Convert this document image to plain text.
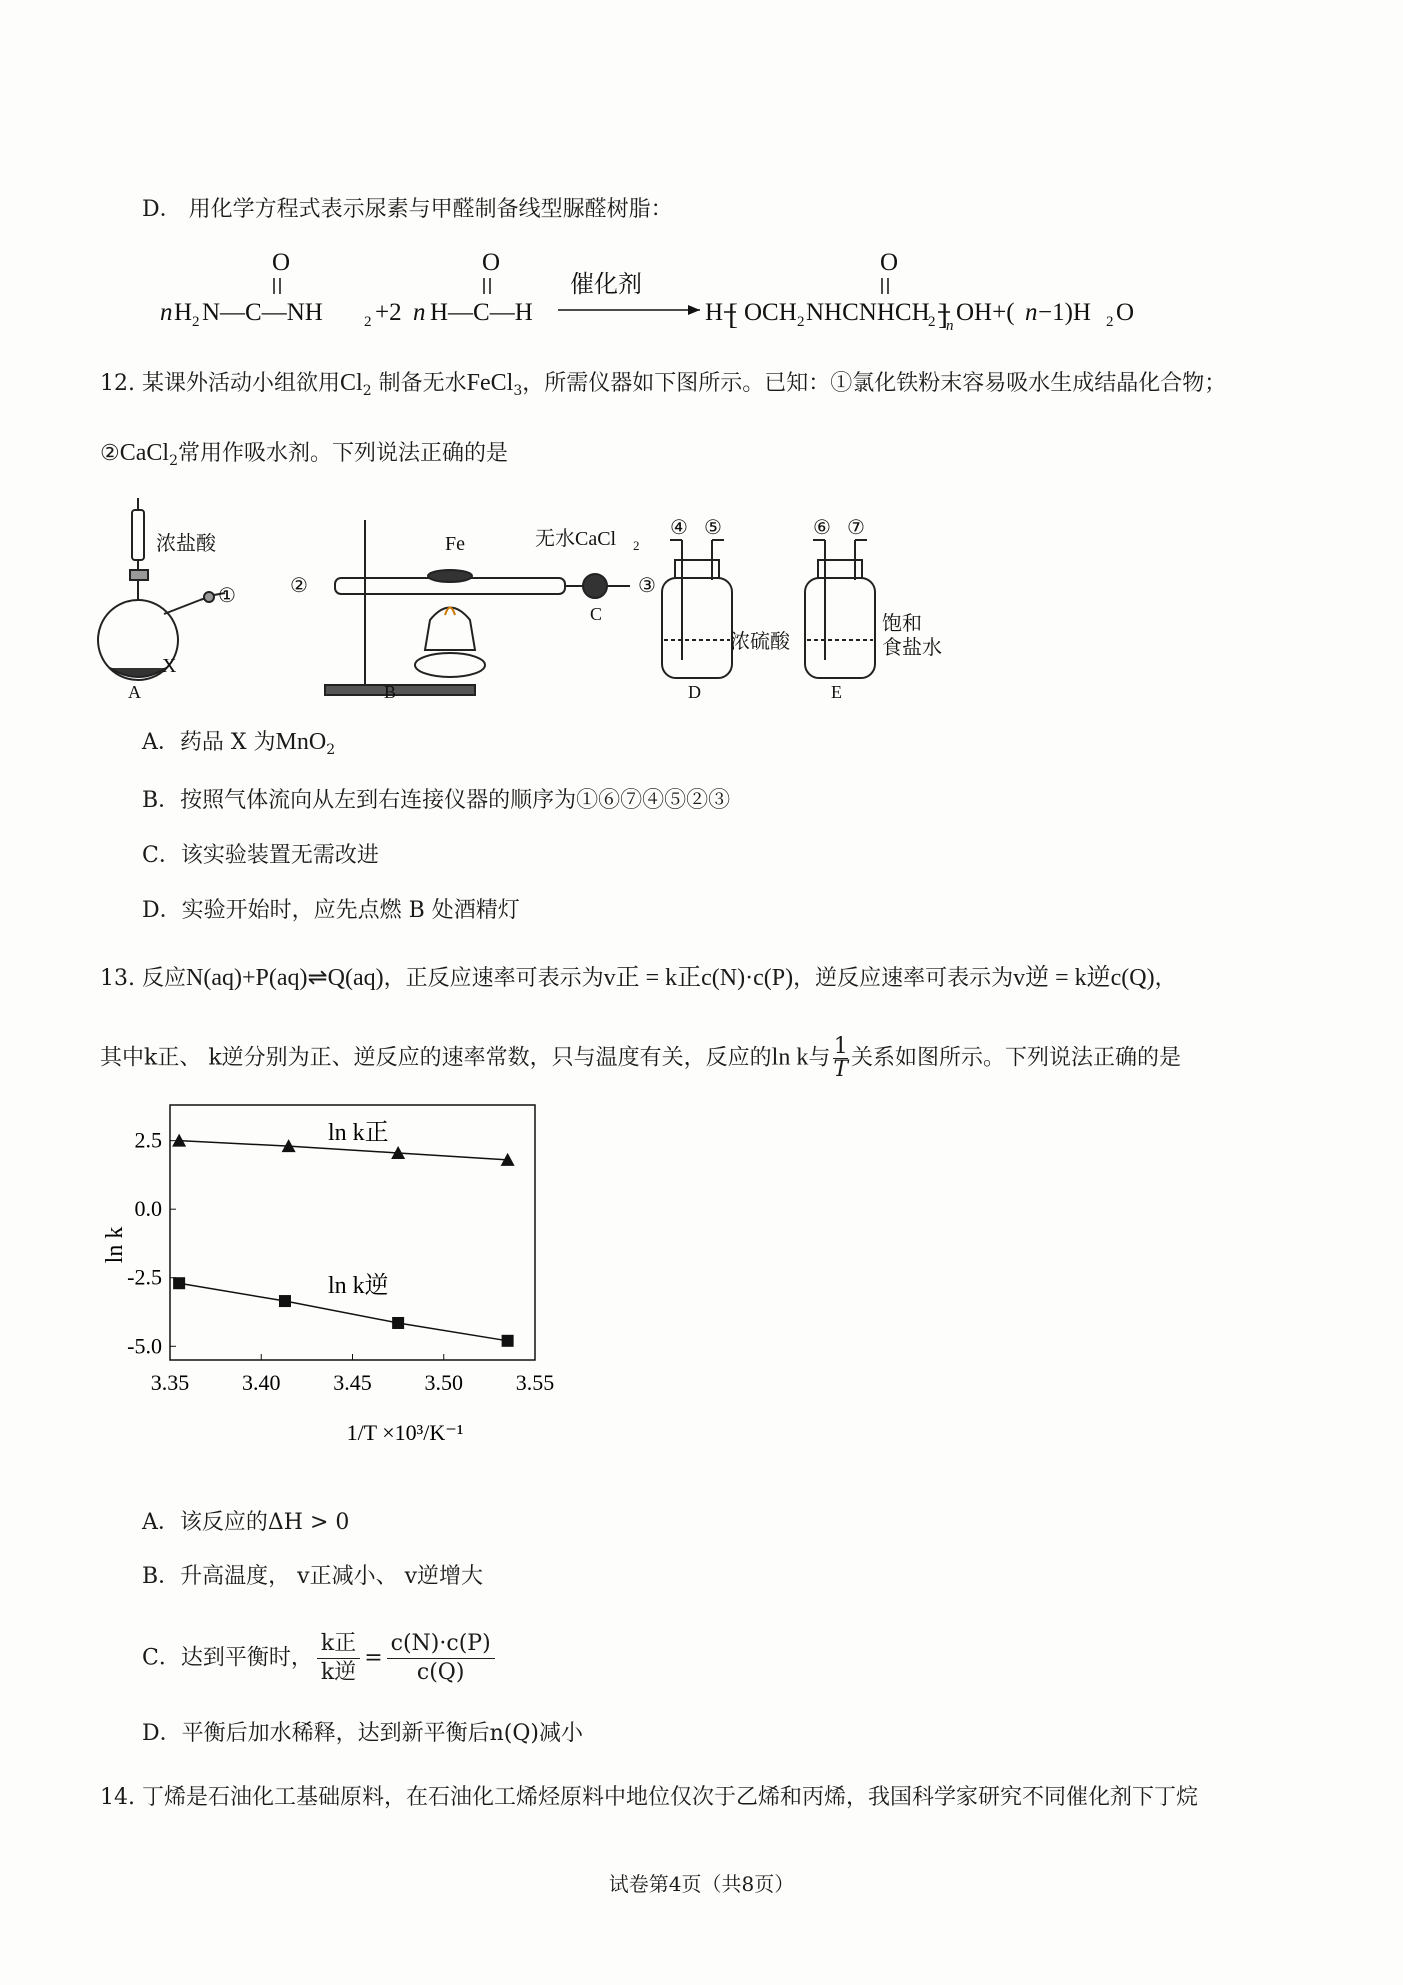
D． 用化学方程式表示尿素与甲醛制备线型脲醛树脂：
O
n H 2 N—C—NH	2 +2 n
O
H—C—H
催化剂
H [ OCH 2 NHCNHCH
O
2 ]
n OH+( n −1)H 2 O
12. 某课外活动小组欲用$Cl_2$ 制备无水FeCl$_3$，所需仪器如下图所示。已知：①氯化铁粉末容易吸水生成结晶化合物；
②CaCl$_2$常用作吸水剂。下列说法正确的是
浓盐酸
①
X
A
Fe
②
无水CaCl 2
③
C
B
④ ⑤
浓硫酸
D
⑥ ⑦
饱和
食盐水
E
A．药品 X 为MnO$_2$
B．按照气体流向从左到右连接仪器的顺序为①⑥⑦④⑤②③
C．该实验装置无需改进
D．实验开始时，应先点燃 B 处酒精灯
13. 反应N(aq)+P(aq)⇌Q(aq)，正反应速率可表示为v正 = k正c(N)·c(P)，逆反应速率可表示为v逆 = k逆c(Q)，
其中k正、 k逆分别为正、逆反应的速率常数，只与温度有关，反应的ln k与 $\frac{1}{T}$ 关系如图所示。下列说法正确的是
3.35 3.40 3.45 3.50 3.55
2.5
0.0
-2.5
-5.0
ln k
ln k正
ln k逆
1/T ×10³/K⁻¹
A．该反应的ΔH > 0
B．升高温度， v正减小、 v逆增大
C．达到平衡时， $\frac{\text{k正}}{\text{k逆}} = \frac{c(N)\cdot c(P)}{c(Q)}$
D．平衡后加水稀释，达到新平衡后n(Q)减小
14. 丁烯是石油化工基础原料，在石油化工烯烃原料中地位仅次于乙烯和丙烯，我国科学家研究不同催化剂下丁烷
试卷第4页（共8页）
